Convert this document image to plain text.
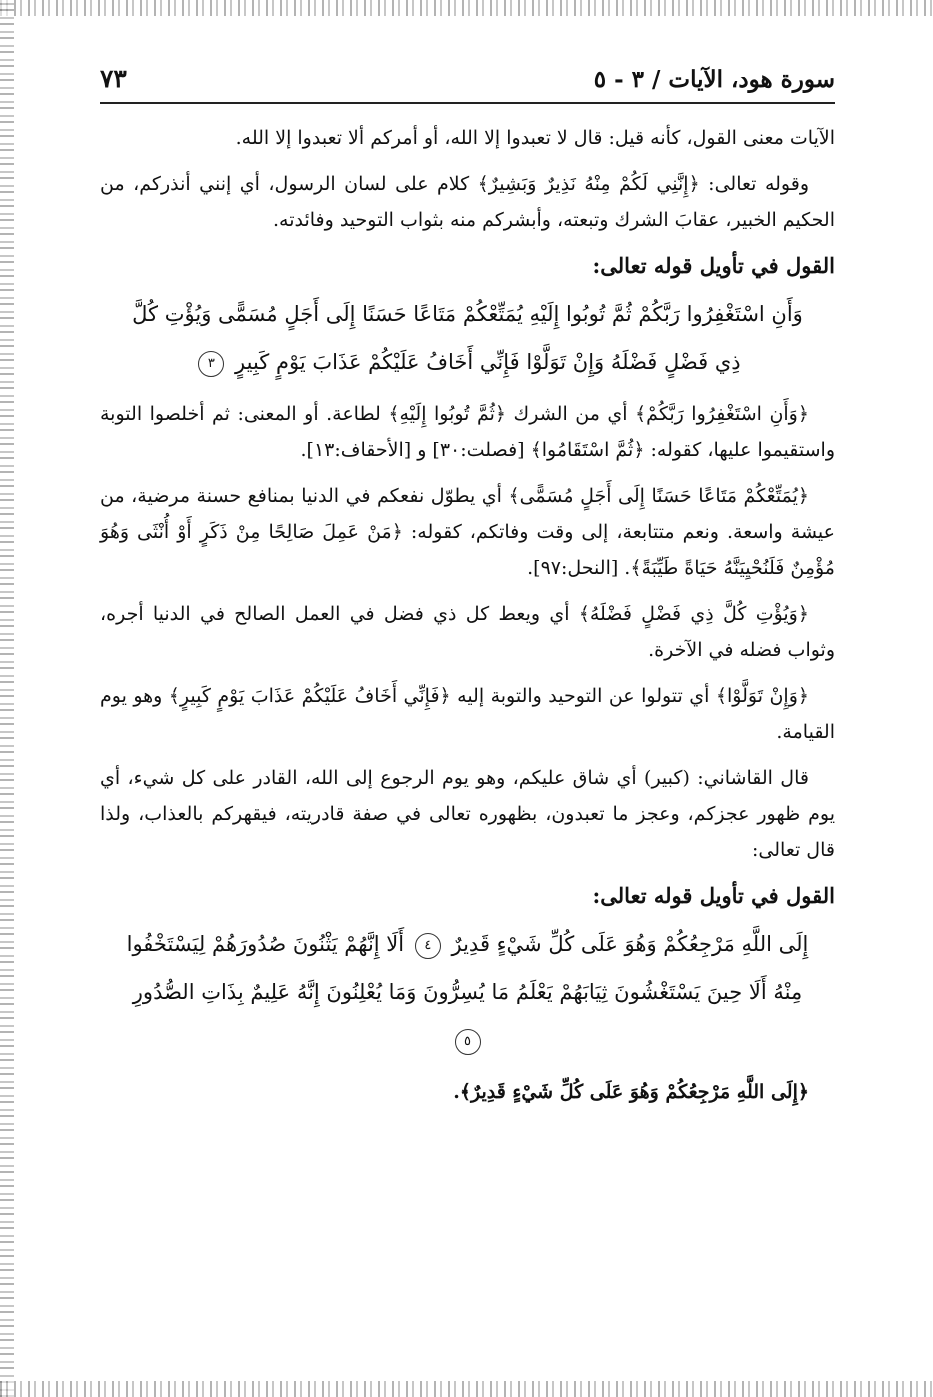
سورة هود، الآيات / ٣ - ٥
٧٣

الآيات معنى القول، كأنه قيل: قال لا تعبدوا إلا الله، أو أمركم ألا تعبدوا إلا الله.

وقوله تعالى: ﴿إِنَّنِي لَكُمْ مِنْهُ نَذِيرٌ وَبَشِيرٌ﴾ كلام على لسان الرسول، أي إنني أنذركم، من الحكيم الخبير، عقابَ الشرك وتبعته، وأبشركم منه بثواب التوحيد وفائدته.

القول في تأويل قوله تعالى:

وَأَنِ اسْتَغْفِرُوا رَبَّكُمْ ثُمَّ تُوبُوا إِلَيْهِ يُمَتِّعْكُمْ مَتَاعًا حَسَنًا إِلَى أَجَلٍ مُسَمًّى وَيُؤْتِ كُلَّ ذِي فَضْلٍ فَضْلَهُ وَإِنْ تَوَلَّوْا فَإِنِّي أَخَافُ عَلَيْكُمْ عَذَابَ يَوْمٍ كَبِيرٍ ٣

﴿وَأَنِ اسْتَغْفِرُوا رَبَّكُمْ﴾ أي من الشرك ﴿ثُمَّ تُوبُوا إِلَيْهِ﴾ لطاعة. أو المعنى: ثم أخلصوا التوبة واستقيموا عليها، كقوله: ﴿ثُمَّ اسْتَقَامُوا﴾ [فصلت:٣٠] و [الأحقاف:١٣].

﴿يُمَتِّعْكُمْ مَتَاعًا حَسَنًا إِلَى أَجَلٍ مُسَمًّى﴾ أي يطوّل نفعكم في الدنيا بمنافع حسنة مرضية، من عيشة واسعة. ونعم متتابعة، إلى وقت وفاتكم، كقوله: ﴿مَنْ عَمِلَ صَالِحًا مِنْ ذَكَرٍ أَوْ أُنْثَى وَهُوَ مُؤْمِنٌ فَلَنُحْيِيَنَّهُ حَيَاةً طَيِّبَةً﴾. [النحل:٩٧].

﴿وَيُؤْتِ كُلَّ ذِي فَضْلٍ فَضْلَهُ﴾ أي ويعط كل ذي فضل في العمل الصالح في الدنيا أجره، وثواب فضله في الآخرة.

﴿وَإِنْ تَوَلَّوْا﴾ أي تتولوا عن التوحيد والتوبة إليه ﴿فَإِنِّي أَخَافُ عَلَيْكُمْ عَذَابَ يَوْمٍ كَبِيرٍ﴾ وهو يوم القيامة.

قال القاشاني: (كبير) أي شاق عليكم، وهو يوم الرجوع إلى الله، القادر على كل شيء، أي يوم ظهور عجزكم، وعجز ما تعبدون، بظهوره تعالى في صفة قادريته، فيقهركم بالعذاب، ولذا قال تعالى:

القول في تأويل قوله تعالى:

إِلَى اللَّهِ مَرْجِعُكُمْ وَهُوَ عَلَى كُلِّ شَيْءٍ قَدِيرٌ ٤ أَلَا إِنَّهُمْ يَثْنُونَ صُدُورَهُمْ لِيَسْتَخْفُوا مِنْهُ أَلَا حِينَ يَسْتَغْشُونَ ثِيَابَهُمْ يَعْلَمُ مَا يُسِرُّونَ وَمَا يُعْلِنُونَ إِنَّهُ عَلِيمٌ بِذَاتِ الصُّدُورِ ٥

﴿إِلَى اللَّهِ مَرْجِعُكُمْ وَهُوَ عَلَى كُلِّ شَيْءٍ قَدِيرٌ﴾.
